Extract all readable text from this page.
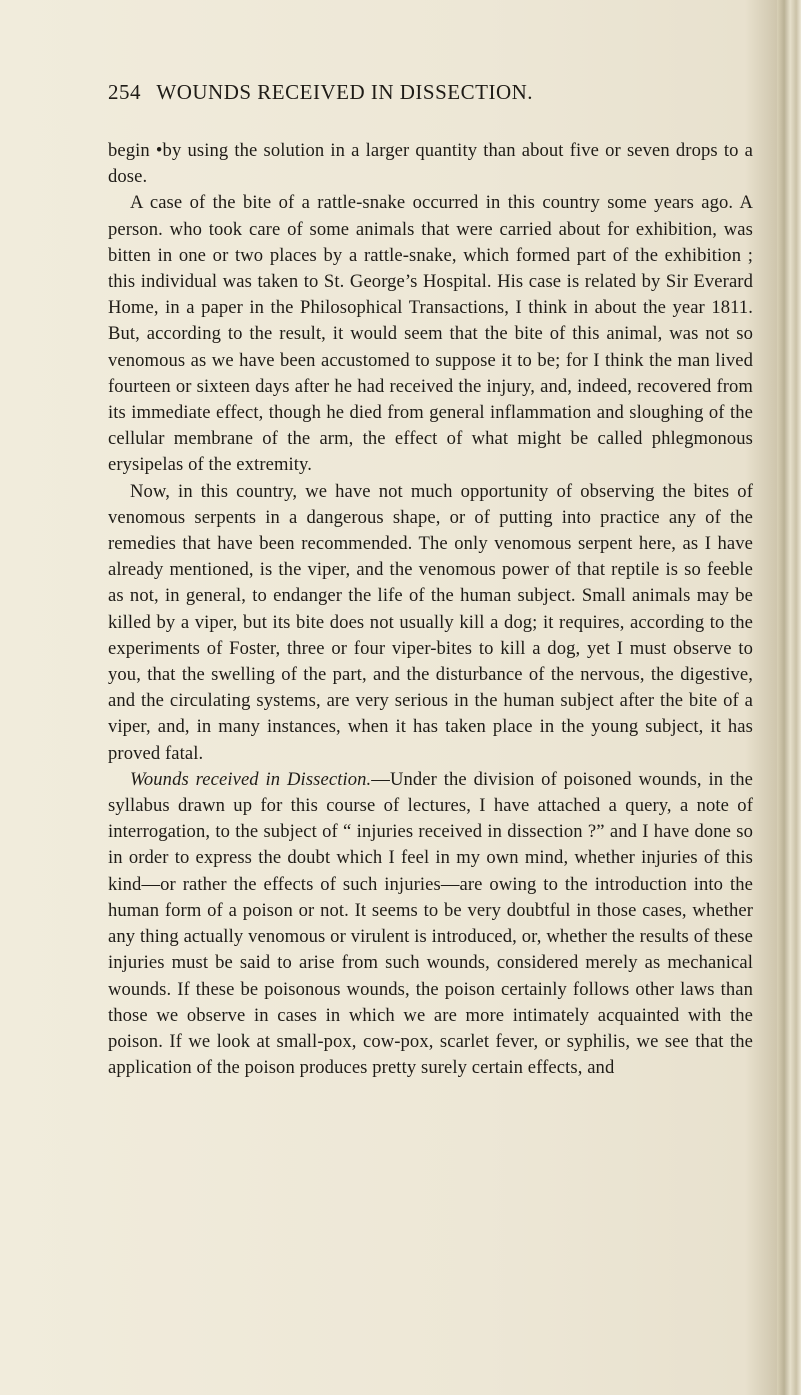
254 WOUNDS RECEIVED IN DISSECTION.

begin •by using the solution in a larger quantity than about five or seven drops to a dose.

A case of the bite of a rattle-snake occurred in this country some years ago. A person. who took care of some animals that were carried about for exhibition, was bitten in one or two places by a rattle-snake, which formed part of the exhibition ; this individual was taken to St. George’s Hospital. His case is related by Sir Everard Home, in a paper in the Philosophical Transactions, I think in about the year 1811. But, according to the result, it would seem that the bite of this animal, was not so venomous as we have been accustomed to suppose it to be; for I think the man lived fourteen or sixteen days after he had received the injury, and, indeed, recovered from its immediate effect, though he died from general inflammation and sloughing of the cellular membrane of the arm, the effect of what might be called phlegmonous erysipelas of the extremity.

Now, in this country, we have not much opportunity of observing the bites of venomous serpents in a dangerous shape, or of putting into practice any of the remedies that have been recommended. The only venomous serpent here, as I have already mentioned, is the viper, and the venomous power of that reptile is so feeble as not, in general, to endanger the life of the human subject. Small animals may be killed by a viper, but its bite does not usually kill a dog; it requires, according to the experiments of Foster, three or four viper-bites to kill a dog, yet I must observe to you, that the swelling of the part, and the disturbance of the nervous, the digestive, and the circulating systems, are very serious in the human subject after the bite of a viper, and, in many instances, when it has taken place in the young subject, it has proved fatal.

Wounds received in Dissection.—Under the division of poisoned wounds, in the syllabus drawn up for this course of lectures, I have attached a query, a note of interrogation, to the subject of “ injuries received in dissection ?” and I have done so in order to express the doubt which I feel in my own mind, whether injuries of this kind—or rather the effects of such injuries—are owing to the introduction into the human form of a poison or not. It seems to be very doubtful in those cases, whether any thing actually venomous or virulent is introduced, or, whether the results of these injuries must be said to arise from such wounds, considered merely as mechanical wounds. If these be poisonous wounds, the poison certainly follows other laws than those we observe in cases in which we are more intimately acquainted with the poison. If we look at small-pox, cow-pox, scarlet fever, or syphilis, we see that the application of the poison produces pretty surely certain effects, and
